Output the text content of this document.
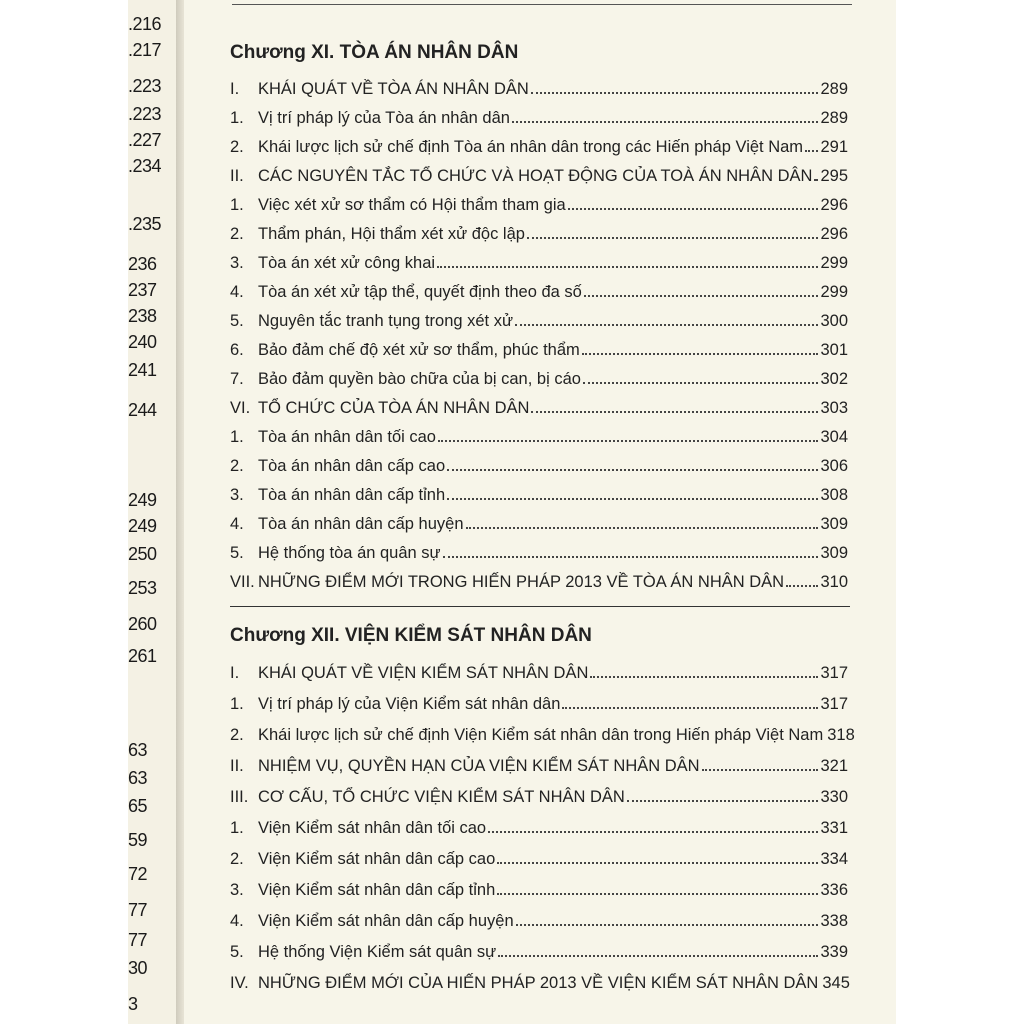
.216
.217
.223
.223
.227
.234
.235
236
237
238
240
241
244
249
249
250
253
260
261
63
63
65
59
72
77
77
30
3
Chương XI. TÒA ÁN NHÂN DÂN
I. KHÁI QUÁT VỀ TÒA ÁN NHÂN DÂN	289
1. Vị trí pháp lý của Tòa án nhân dân	289
2. Khái lược lịch sử chế định Tòa án nhân dân trong các Hiến pháp Việt Nam 291
II. CÁC NGUYÊN TẮC TỔ CHỨC VÀ HOẠT ĐỘNG CỦA TOÀ ÁN NHÂN DÂN 295
1. Việc xét xử sơ thẩm có Hội thẩm tham gia	296
2. Thẩm phán, Hội thẩm xét xử độc lập	296
3. Tòa án xét xử công khai	299
4. Tòa án xét xử tập thể, quyết định theo đa số	299
5. Nguyên tắc tranh tụng trong xét xử	300
6. Bảo đảm chế độ xét xử sơ thẩm, phúc thẩm	301
7. Bảo đảm quyền bào chữa của bị can, bị cáo	302
VI. TỔ CHỨC CỦA TÒA ÁN NHÂN DÂN	303
1. Tòa án nhân dân tối cao	304
2. Tòa án nhân dân cấp cao	306
3. Tòa án nhân dân cấp tỉnh	308
4. Tòa án nhân dân cấp huyện	309
5. Hệ thống tòa án quân sự	309
VII. NHỮNG ĐIỂM MỚI TRONG HIẾN PHÁP 2013 VỀ TÒA ÁN NHÂN DÂN 310
Chương XII. VIỆN KIỂM SÁT NHÂN DÂN
I. KHÁI QUÁT VỀ VIỆN KIỂM SÁT NHÂN DÂN	317
1. Vị trí pháp lý của Viện Kiểm sát nhân dân	317
2. Khái lược lịch sử chế định Viện Kiểm sát nhân dân trong Hiến pháp Việt Nam 318
II. NHIỆM VỤ, QUYỀN HẠN CỦA VIỆN KIỂM SÁT NHÂN DÂN	321
III. CƠ CẤU, TỔ CHỨC VIỆN KIỂM SÁT NHÂN DÂN	330
1. Viện Kiểm sát nhân dân tối cao	331
2. Viện Kiểm sát nhân dân cấp cao	334
3. Viện Kiểm sát nhân dân cấp tỉnh	336
4. Viện Kiểm sát nhân dân cấp huyện	338
5. Hệ thống Viện Kiểm sát quân sự	339
IV. NHỮNG ĐIỂM MỚI CỦA HIẾN PHÁP 2013 VỀ VIỆN KIỂM SÁT NHÂN DÂN 345
